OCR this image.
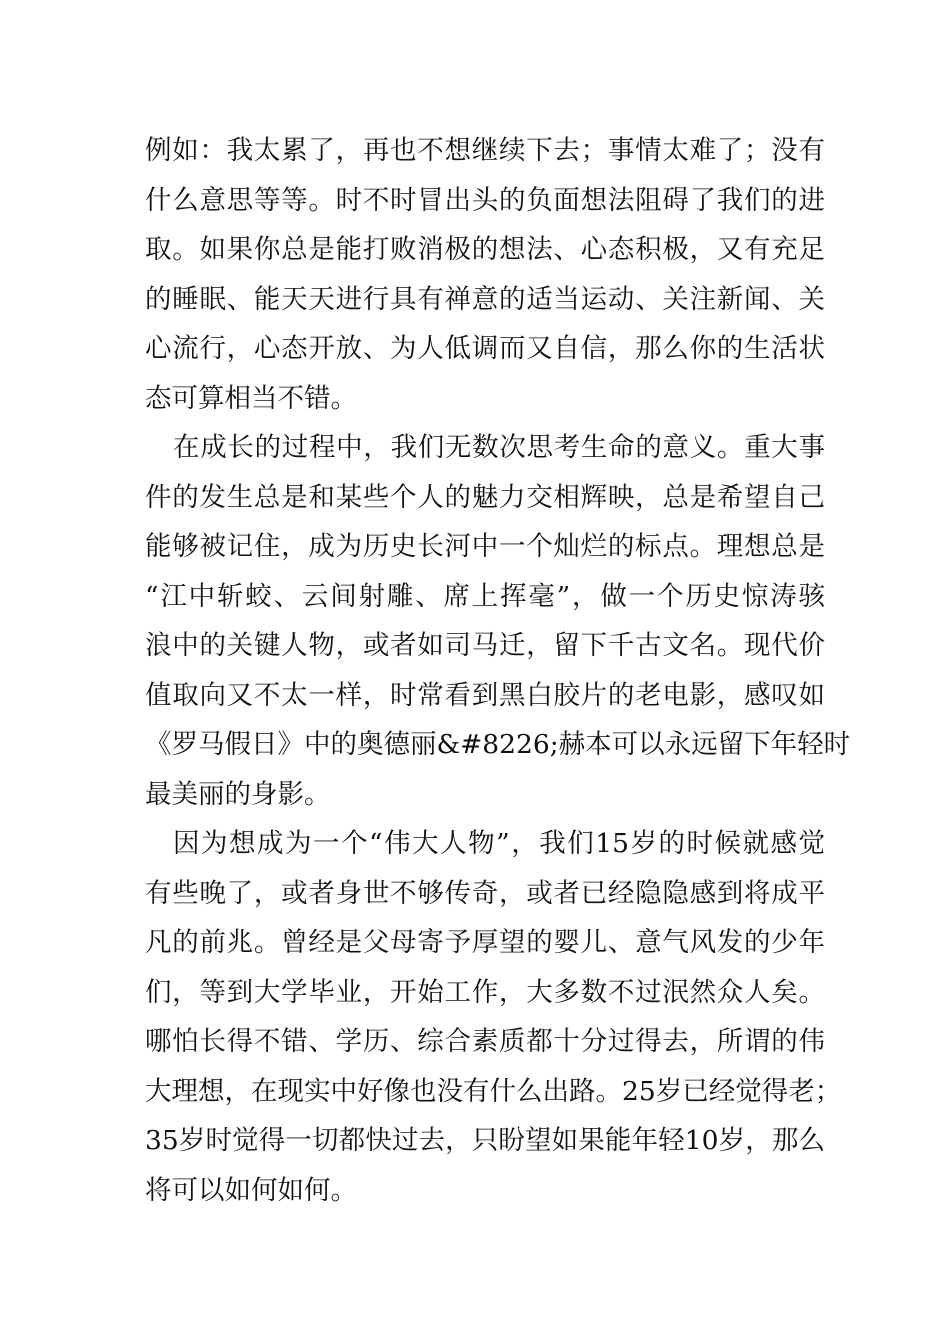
例如：我太累了，再也不想继续下去；事情太难了；没有
什么意思等等。时不时冒出头的负面想法阻碍了我们的进
取。如果你总是能打败消极的想法、心态积极，又有充足
的睡眠、能天天进行具有禅意的适当运动、关注新闻、关
心流行，心态开放、为人低调而又自信，那么你的生活状
态可算相当不错。
在成长的过程中，我们无数次思考生命的意义。重大事
件的发生总是和某些个人的魅力交相辉映，总是希望自己
能够被记住，成为历史长河中一个灿烂的标点。理想总是
“江中斩蛟、云间射雕、席上挥毫”，做一个历史惊涛骇
浪中的关键人物，或者如司马迁，留下千古文名。现代价
值取向又不太一样，时常看到黑白胶片的老电影，感叹如
《罗马假日》中的奥德丽&#8226;赫本可以永远留下年轻时
最美丽的身影。
因为想成为一个“伟大人物”，我们15岁的时候就感觉
有些晚了，或者身世不够传奇，或者已经隐隐感到将成平
凡的前兆。曾经是父母寄予厚望的婴儿、意气风发的少年
们，等到大学毕业，开始工作，大多数不过泯然众人矣。
哪怕长得不错、学历、综合素质都十分过得去，所谓的伟
大理想，在现实中好像也没有什么出路。25岁已经觉得老；
35岁时觉得一切都快过去，只盼望如果能年轻10岁，那么
将可以如何如何。
